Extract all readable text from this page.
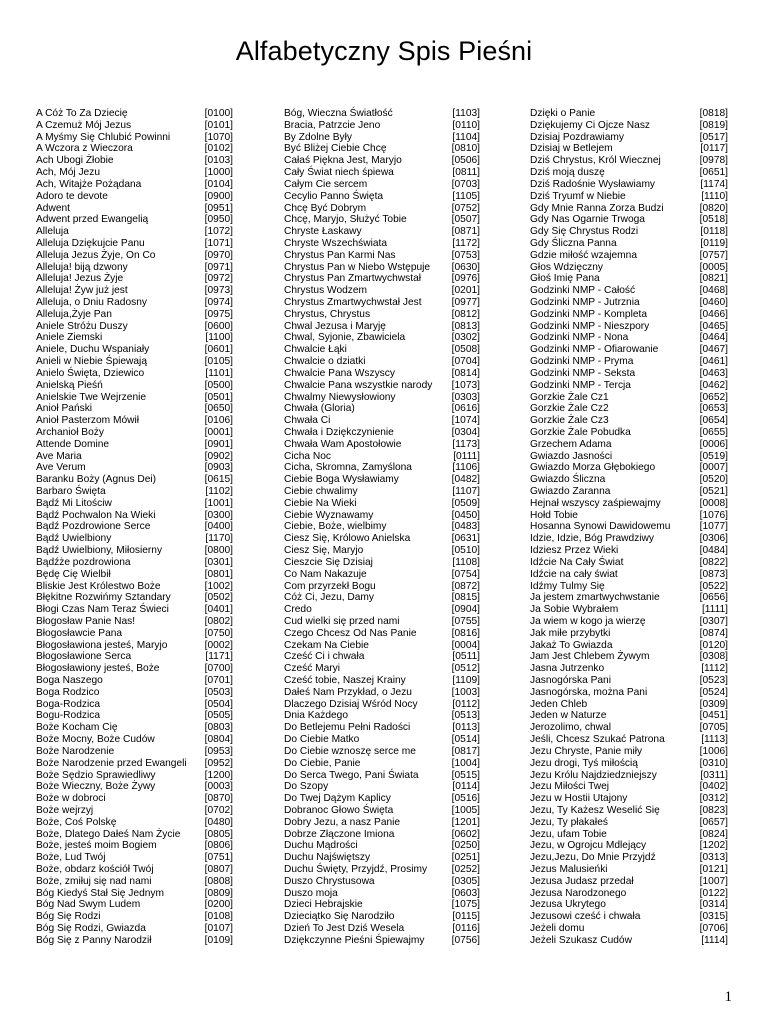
Alfabetyczny Spis Pieśni
A Cóż To Za Dziecię	[0100]
A Czemuż Mój Jezus	[0101]
A Myśmy Się Chlubić Powinni	[1070]
A Wczora z Wieczora	[0102]
Ach Ubogi Żłobie	[0103]
Ach, Mój Jezu	[1000]
Ach, Witajże Pożądana	[0104]
Adoro te devote	[0900]
Adwent	[0951]
Adwent przed Ewangelią	[0950]
Alleluja	[1072]
Alleluja Dziękujcie Panu	[1071]
Alleluja Jezus Żyje, On Co	[0970]
Alleluja! biją dzwony	[0971]
Alleluja! Jezus Żyje	[0972]
Alleluja! Żyw już jest	[0973]
Alleluja, o Dniu Radosny	[0974]
Alleluja,Żyje Pan	[0975]
Aniele Stróżu Duszy	[0600]
Aniele Ziemski	[1100]
Aniele, Duchu Wspaniały	[0601]
Anieli w Niebie Śpiewają	[0105]
Anielo Święta, Dziewico	[1101]
Anielską Pieśń	[0500]
Anielskie Twe Wejrzenie	[0501]
Anioł Pański	[0650]
Anioł Pasterzom Mówił	[0106]
Archanioł Boży	[0001]
Attende Domine	[0901]
Ave Maria	[0902]
Ave Verum	[0903]
Baranku Boży (Agnus Dei)	[0615]
Barbaro Święta	[1102]
Bądź Mi Litościw	[1001]
Bądź Pochwalon Na Wieki	[0300]
Bądź Pozdrowione Serce	[0400]
Bądź Uwielbiony	[1170]
Bądź Uwielbiony, Miłosierny	[0800]
Bądźże pozdrowiona	[0301]
Będę Cię Wielbił	[0801]
Bliskie Jest Królestwo Boże	[1002]
Błękitne Rozwińmy Sztandary	[0502]
Błogi Czas Nam Teraz Świeci	[0401]
Błogosław Panie Nas!	[0802]
Błogosławcie Pana	[0750]
Błogosławiona jesteś, Maryjo	[0002]
Błogosławione Serca	[1171]
Błogosławiony jesteś, Boże	[0700]
Boga Naszego	[0701]
Boga Rodzico	[0503]
Boga-Rodzica	[0504]
Bogu-Rodzica	[0505]
Boże Kocham Cię	[0803]
Boże Mocny, Boże Cudów	[0804]
Boże Narodzenie	[0953]
Boże Narodzenie przed Ewangeli [0952]
Boże Sędzio Sprawiedliwy	[1200]
Boże Wieczny, Boże Żywy	[0003]
Boże w dobroci	[0870]
Boże wejrzyj	[0702]
Boże, Coś Polskę	[0480]
Boże, Dlatego Dałeś Nam Życie [0805]
Boże, jesteś moim Bogiem	[0806]
Boże, Lud Twój	[0751]
Boże, obdarz kościół Twój	[0807]
Boże, zmiłuj się nad nami	[0808]
Bóg Kiedyś Stał Się Jednym	[0809]
Bóg Nad Swym Ludem	[0200]
Bóg Się Rodzi	[0108]
Bóg Się Rodzi, Gwiazda	[0107]
Bóg Się z Panny Narodził	[0109]
Bóg, Wieczna Światłość	[1103]
Bracia, Patrzcie Jeno	[0110]
By Zdolne Były	[1104]
Być Bliżej Ciebie Chcę	[0810]
Całaś Piękna Jest, Maryjo	[0506]
Cały Świat niech śpiewa	[0811]
Całym Cie sercem	[0703]
Cecylio Panno Święta	[1105]
Chcę Być Dobrym	[0752]
Chcę, Maryjo, Służyć Tobie	[0507]
Chryste Łaskawy	[0871]
Chryste Wszechświata	[1172]
Chrystus Pan Karmi Nas	[0753]
Chrystus Pan w Niebo Wstępuje [0630]
Chrystus Pan Zmartwychwstał	[0976]
Chrystus Wodzem	[0201]
Chrystus Zmartwychwstał Jest	[0977]
Chrystus, Chrystus	[0812]
Chwal Jezusa i Maryję	[0813]
Chwal, Syjonie, Zbawiciela	[0302]
Chwalcie Łąki	[0508]
Chwalcie o dziatki	[0704]
Chwalcie Pana Wszyscy	[0814]
Chwalcie Pana wszystkie narody [1073]
Chwalmy Niewysłowiony	[0303]
Chwała (Gloria)	[0616]
Chwała Ci	[1074]
Chwała i Dziękczynienie	[0304]
Chwała Wam Apostołowie	[1173]
Cicha Noc	[0111]
Cicha, Skromna, Zamyślona	[1106]
Ciebie Boga Wysławiamy	[0482]
Ciebie chwalimy	[1107]
Ciebie Na Wieki	[0509]
Ciebie Wyznawamy	[0450]
Ciebie, Boże, wielbimy	[0483]
Ciesz Się, Królowo Anielska	[0631]
Ciesz Się, Maryjo	[0510]
Cieszcie Się Dzisiaj	[1108]
Co Nam Nakazuje	[0754]
Com przyrzekł Bogu	[0872]
Cóż Ci, Jezu, Damy	[0815]
Credo	[0904]
Cud wielki się przed nami	[0755]
Czego Chcesz Od Nas Panie	[0816]
Czekam Na Ciebie	[0004]
Cześć Ci i chwała	[0511]
Cześć Maryi	[0512]
Cześć tobie, Naszej Krainy	[1109]
Dałeś Nam Przykład, o Jezu	[1003]
Dlaczego Dzisiaj Wśród Nocy	[0112]
Dnia Każdego	[0513]
Do Betlejemu Pełni Radości	[0113]
Do Ciebie Matko	[0514]
Do Ciebie wznoszę serce me	[0817]
Do Ciebie, Panie	[1004]
Do Serca Twego, Pani Świata	[0515]
Do Szopy	[0114]
Do Twej Dążym Kaplicy	[0516]
Dobranoc Głowo Święta	[1005]
Dobry Jezu, a nasz Panie	[1201]
Dobrze Złączone Imiona	[0602]
Duchu Mądrości	[0250]
Duchu Najświętszy	[0251]
Duchu Święty, Przyjdź, Prosimy [0252]
Duszo Chrystusowa	[0305]
Duszo moja	[0603]
Dzieci Hebrajskie	[1075]
Dzieciątko Się Narodziło	[0115]
Dzień To Jest Dziś Wesela	[0116]
Dziękczynne Pieśni Śpiewajmy	[0756]
Dzięki o Panie	[0818]
Dziękujemy Ci Ojcze Nasz	[0819]
Dzisiaj Pozdrawiamy	[0517]
Dzisiaj w Betlejem	[0117]
Dziś Chrystus, Król Wiecznej	[0978]
Dziś moją duszę	[0651]
Dziś Radośnie Wysławiamy	[1174]
Dziś Tryumf w Niebie	[1110]
Gdy Mnie Ranna Zorza Budzi	[0820]
Gdy Nas Ogarnie Trwoga	[0518]
Gdy Się Chrystus Rodzi	[0118]
Gdy Śliczna Panna	[0119]
Gdzie miłość wzajemna	[0757]
Głos Wdzięczny	[0005]
Głoś Imię Pana	[0821]
Godzinki NMP - Całość	[0468]
Godzinki NMP - Jutrznia	[0460]
Godzinki NMP - Kompleta	[0466]
Godzinki NMP - Nieszpory	[0465]
Godzinki NMP - Nona	[0464]
Godzinki NMP - Ofiarowanie	[0467]
Godzinki NMP - Pryma	[0461]
Godzinki NMP - Seksta	[0463]
Godzinki NMP - Tercja	[0462]
Gorzkie Żale Cz1	[0652]
Gorzkie Żale Cz2	[0653]
Gorzkie Żale Cz3	[0654]
Gorzkie Żale Pobudka	[0655]
Grzechem Adama	[0006]
Gwiazdo Jasności	[0519]
Gwiazdo Morza Głębokiego	[0007]
Gwiazdo Śliczna	[0520]
Gwiazdo Zaranna	[0521]
Hejnał wszyscy zaśpiewajmy	[0008]
Hołd Tobie	[1076]
Hosanna Synowi Dawidowemu	[1077]
Idzie, Idzie, Bóg Prawdziwy	[0306]
Idziesz Przez Wieki	[0484]
Idźcie Na Cały Świat	[0822]
Idźcie na cały świat	[0873]
Idźmy Tulmy Się	[0522]
Ja jestem zmartwychwstanie	[0656]
Ja Sobie Wybrałem	[1111]
Ja wiem w kogo ja wierzę	[0307]
Jak miłe przybytki	[0874]
Jakaż To Gwiazda	[0120]
Jam Jest Chlebem Żywym	[0308]
Jasna Jutrzenko	[1112]
Jasnogórska Pani	[0523]
Jasnogórska, można Pani	[0524]
Jeden Chleb	[0309]
Jeden w Naturze	[0451]
Jerozolimo, chwal	[0705]
Jeśli, Chcesz Szukać Patrona	[1113]
Jezu Chryste, Panie miły	[1006]
Jezu drogi, Tyś miłością	[0310]
Jezu Królu Najdziedzniejszy	[0311]
Jezu Miłości Twej	[0402]
Jezu w Hostii Utajony	[0312]
Jezu, Ty Każesz Weselić Się	[0823]
Jezu, Ty płakałeś	[0657]
Jezu, ufam Tobie	[0824]
Jezu, w Ogrojcu Mdlejący	[1202]
Jezu,Jezu, Do Mnie Przyjdź	[0313]
Jezus Malusieńki	[0121]
Jezusa Judasz przedał	[1007]
Jezusa Narodzonego	[0122]
Jezusa Ukrytego	[0314]
Jezusowi cześć i chwała	[0315]
Jeżeli domu	[0706]
Jeżeli Szukasz Cudów	[1114]
1
